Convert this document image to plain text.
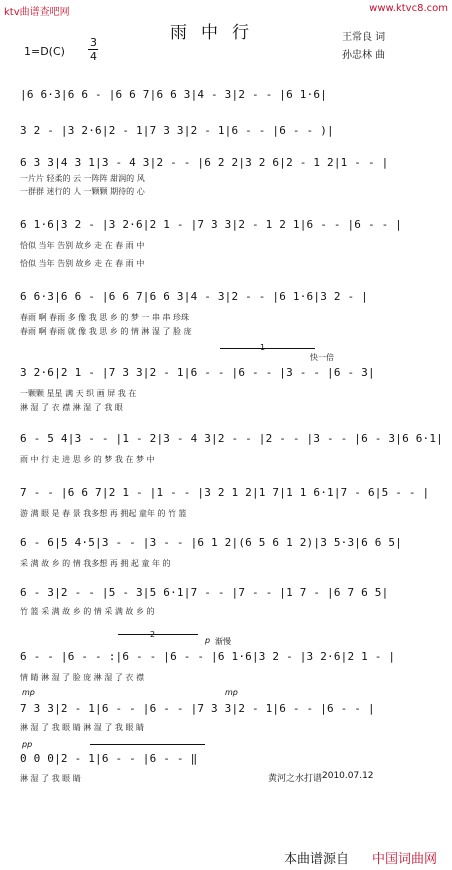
ktv曲谱查吧网	www.ktvc8.com
雨中行	王常良 词
孙忠林 曲
1=D(C)
3
4
|6 6·3|6 6 - |6 6 7|6 6 3|4 - 3|2 - - |6 1·6|
3 2 - |3 2·6|2 - 1|7 3 3|2 - 1|6 - - |6 - - )|
6 3 3|4 3 1|3 - 4 3|2 - - |6 2 2|3 2 6|2 - 1 2|1 - - |
一片片 轻柔的 云 一阵阵 甜润的 风
一群群 迷行的 人 一颗颗 期待的 心
6 1·6|3 2 - |3 2·6|2 1 - |7 3 3|2 - 1 2 1|6 - - |6 - - |
恰似 当年 告别 故乡 走 在 春 雨 中
恰似 当年 告别 故乡 走 在 春 雨 中
6 6·3|6 6 - |6 6 7|6 6 3|4 - 3|2 - - |6 1·6|3 2 - |
春雨 啊 春雨 多 像 我 思 乡 的 梦 一 串 串 珍珠
春雨 啊 春雨 就 像 我 思 乡 的 情 淋 湿 了 脸 庞
1
快一倍
3 2·6|2 1 - |7 3 3|2 - 1|6 - - |6 - - |3 - - |6 - 3|
一颗颗 星星 满 天 织 画 屏 我 在
淋 湿 了 衣 襟 淋 湿 了 我 眼
6 - 5 4|3 - - |1 - 2|3 - 4 3|2 - - |2 - - |3 - - |6 - 3|6 6·1|
雨 中 行 走 进 思 乡 的 梦 我 在 梦 中
7 - - |6 6 7|2 1 - |1 - - |3 2 1 2|1 7|1 1 6·1|7 - 6|5 - - |
游 满 眼 是 春 景 我多想 再 拥起 童年 的 竹 篮
6 - 6|5 4·5|3 - - |3 - - |6 1 2|(6 5 6 1 2)|3 5·3|6 6 5|
采 满 故 乡 的 情 我多想 再 拥 起 童 年 的
6 - 3|2 - - |5 - 3|5 6·1|7 - - |7 - - |1 7 - |6 7 6 5|
竹 篮 采 满 故 乡 的 情 采 满 故 乡 的
2
p 渐慢
6 - - |6 - - :|6 - - |6 - - |6 1·6|3 2 - |3 2·6|2 1 - |
情 睛 淋 湿 了 脸 庞 淋 湿 了 衣 襟
mp	mp
7 3 3|2 - 1|6 - - |6 - - |7 3 3|2 - 1|6 - - |6 - - |
淋 湿 了 我 眼 睛 淋 湿 了 我 眼 睛
pp
0 0 0|2 - 1|6 - - |6 - - ‖
淋 湿 了 我 眼 睛	黄河之水打谱 2010.07.12
本曲谱源自 中国词曲网
